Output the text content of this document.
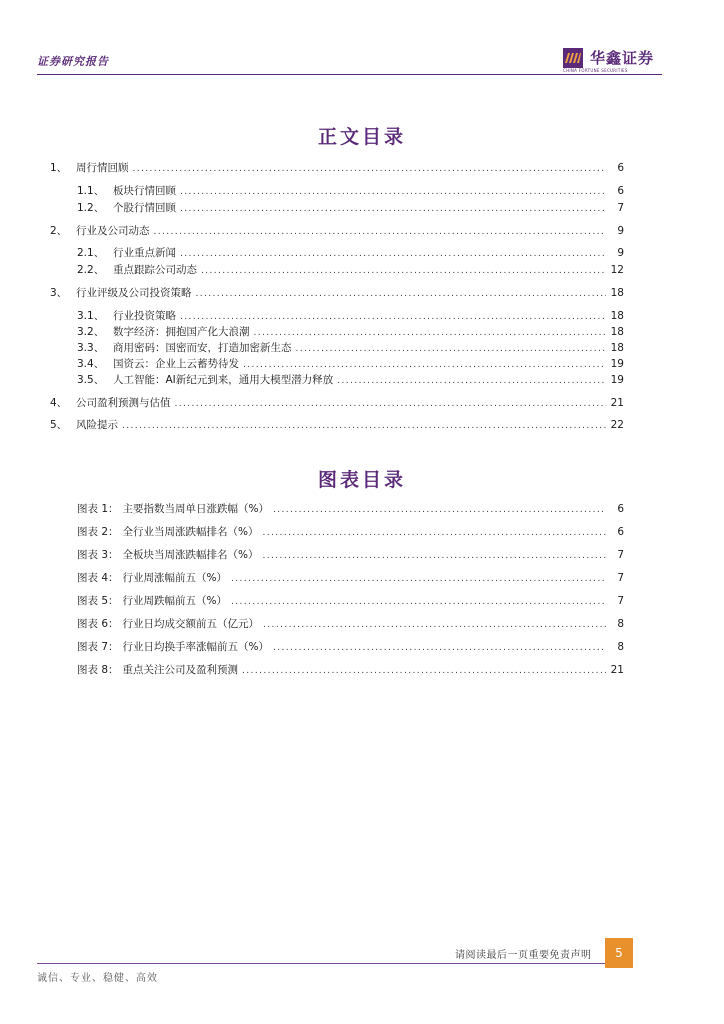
证券研究报告	华鑫证券
CHINA FORTUNE SECURITIES
正文目录
1、 周行情回顾 .....	6
1.1、 板块行情回顾 .....	6
1.2、 个股行情回顾 .....	7
2、 行业及公司动态 .....	9
2.1、 行业重点新闻 .....	9
2.2、 重点跟踪公司动态 .....	12
3、 行业评级及公司投资策略 .....	18
3.1、 行业投资策略 .....	18
3.2、 数字经济：拥抱国产化大浪潮 .....	18
3.3、 商用密码：国密而安，打造加密新生态 .....	18
3.4、 国资云：企业上云蓄势待发 .....	19
3.5、 人工智能：AI新纪元到来，通用大模型潜力释放 .....	19
4、 公司盈利预测与估值 .....	21
5、 风险提示 .....	22
图表目录
图表 1： 主要指数当周单日涨跌幅（%） .....	6
图表 2： 全行业当周涨跌幅排名（%） .....	6
图表 3： 全板块当周涨跌幅排名（%） .....	7
图表 4： 行业周涨幅前五（%） .....	7
图表 5： 行业周跌幅前五（%） .....	7
图表 6： 行业日均成交额前五（亿元） .....	8
图表 7： 行业日均换手率涨幅前五（%） .....	8
图表 8： 重点关注公司及盈利预测 .....	21
请阅读最后一页重要免责声明	5
诚信、专业、稳健、高效
